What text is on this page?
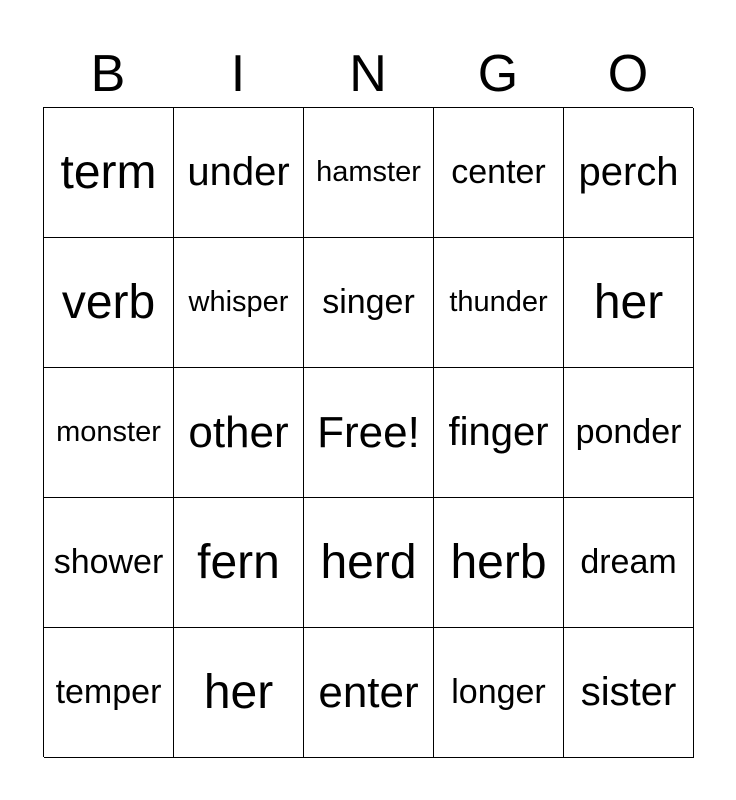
B	I	N	G	O
term under hamster center perch
verb	whisper singer	thunder her
monster other Free! finger ponder
shower fern herd herb dream
temper her	enter longer sister
